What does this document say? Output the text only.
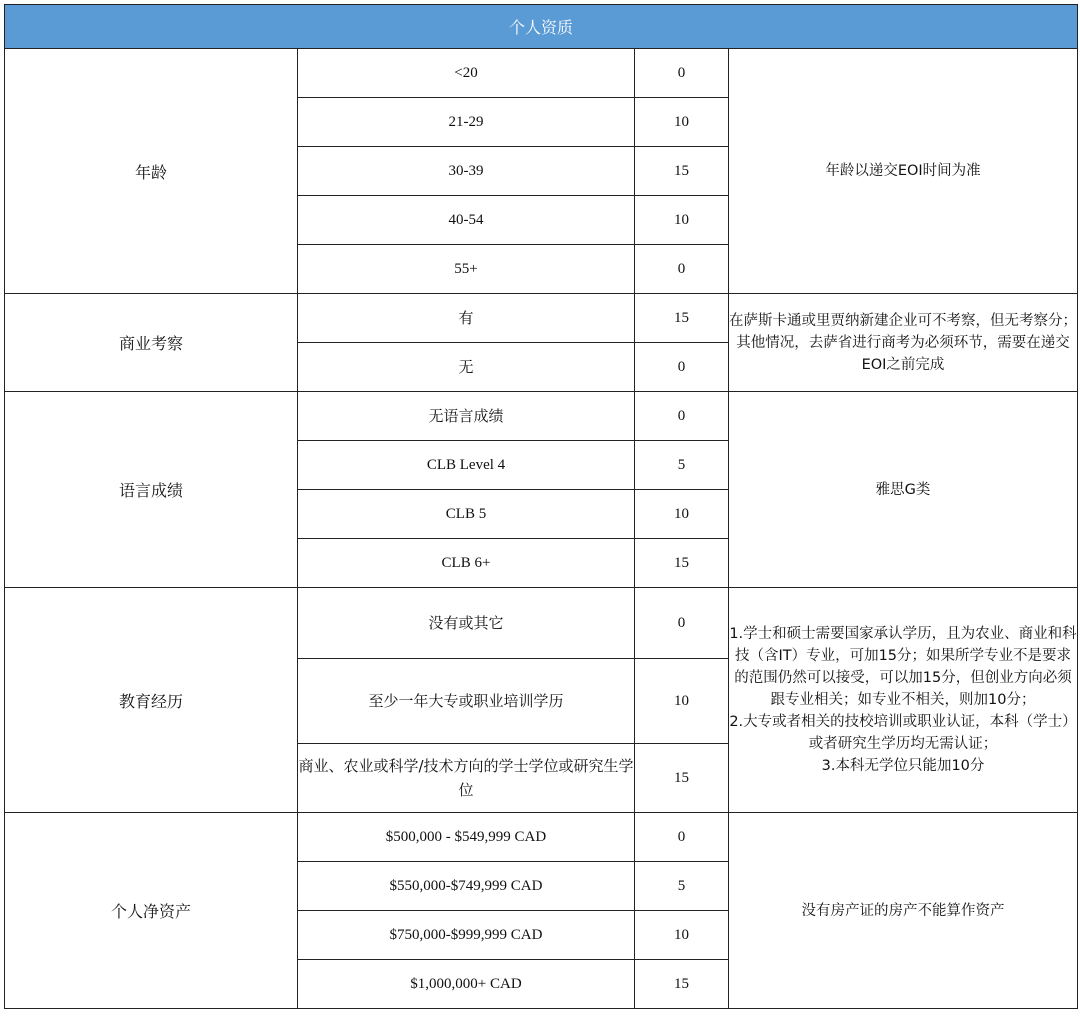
个人资质			
年龄	<20	0	年龄以递交EOI时间为准
	21-29	10	
	30-39	15	
	40-54	10	
	55+	0	
商业考察	有	15	在萨斯卡通或里贾纳新建企业可不考察，但无考察分；其他情况，去萨省进行商考为必须环节，需要在递交EOI之前完成
	无	0	
语言成绩	无语言成绩	0	雅思G类
	CLB Level 4	5	
	CLB 5	10	
	CLB 6+	15	
教育经历	没有或其它	0	1.学士和硕士需要国家承认学历，且为农业、商业和科技（含IT）专业，可加15分；如果所学专业不是要求的范围仍然可以接受，可以加15分，但创业方向必须跟专业相关；如专业不相关，则加10分；
2.大专或者相关的技校培训或职业认证，本科（学士）或者研究生学历均无需认证；
3.本科无学位只能加10分
	至少一年大专或职业培训学历	10	
	商业、农业或科学/技术方向的学士学位或研究生学位	15	
个人净资产	$500,000 - $549,999 CAD	0	没有房产证的房产不能算作资产
	$550,000-$749,999 CAD	5	
	$750,000-$999,999 CAD	10	
	$1,000,000+ CAD	15	
